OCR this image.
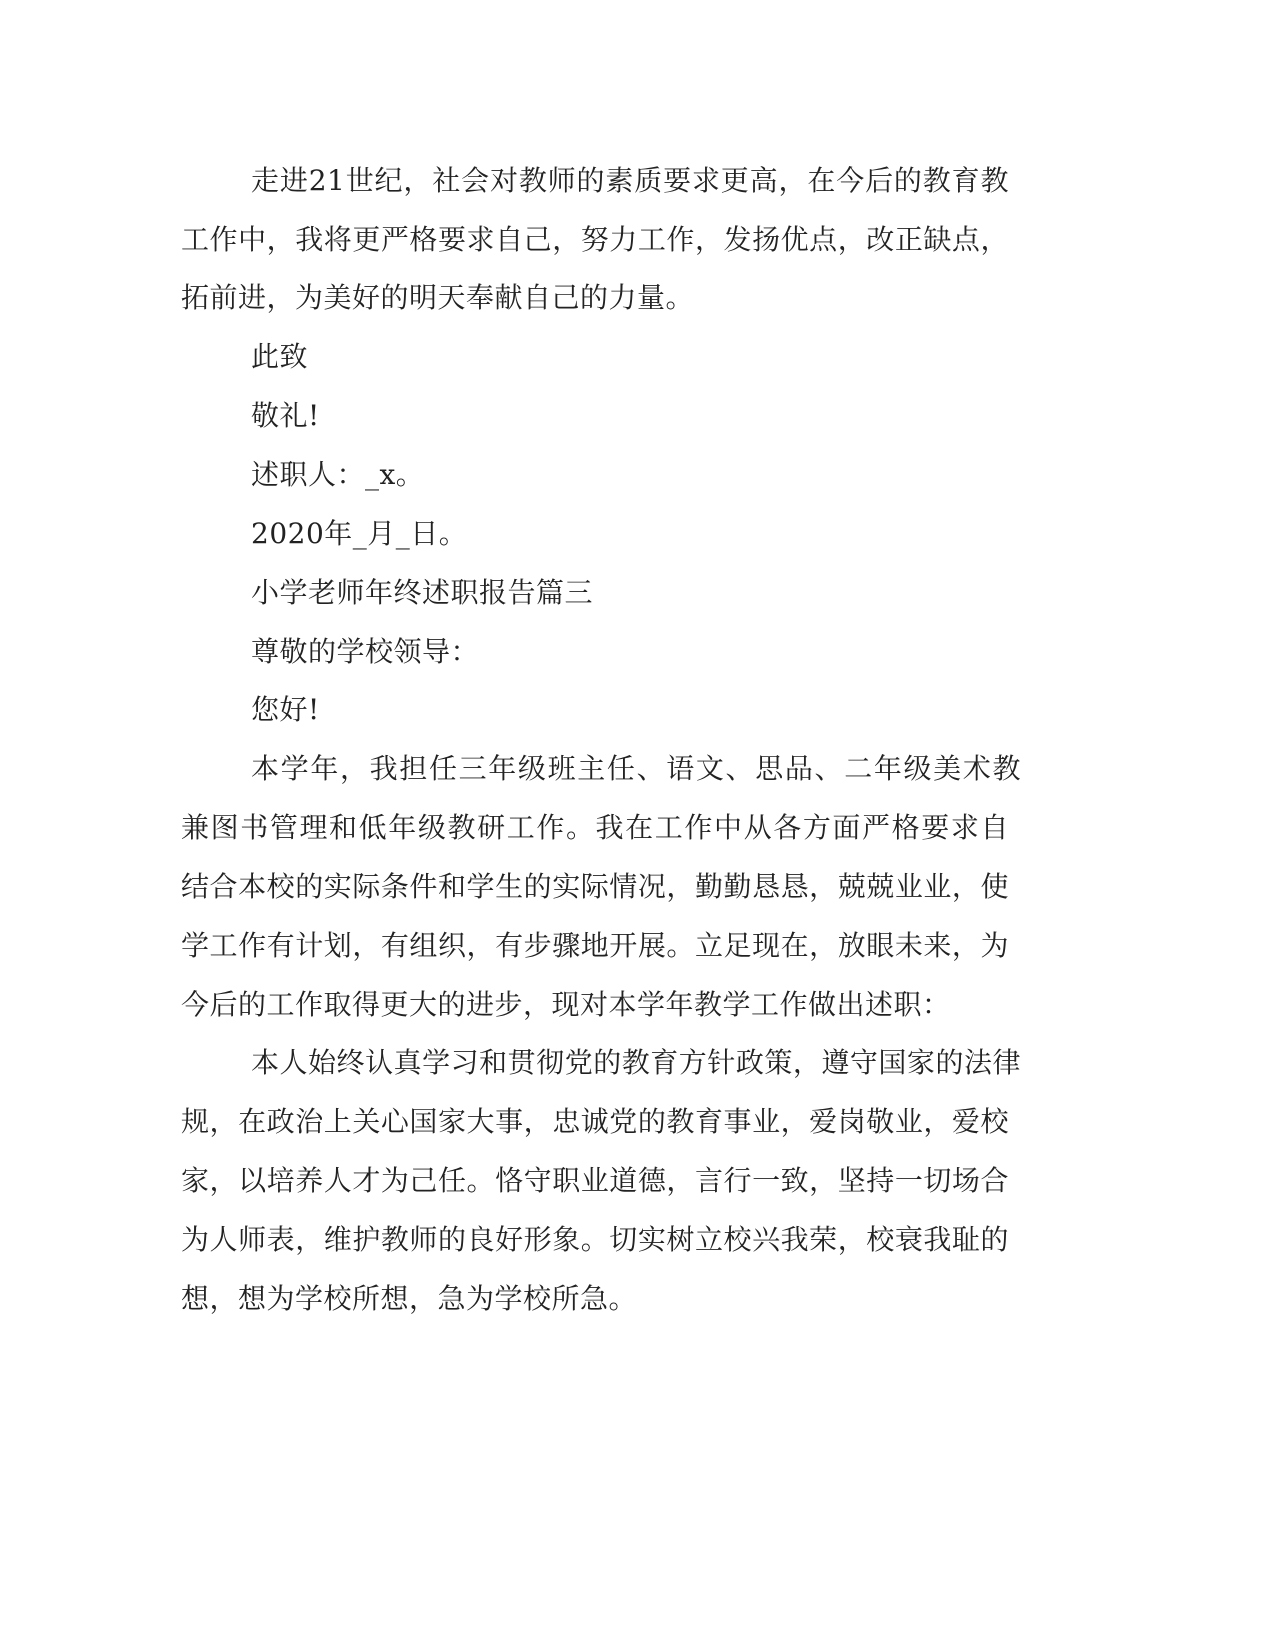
走进21世纪，社会对教师的素质要求更高，在今后的教育教
工作中，我将更严格要求自己，努力工作，发扬优点，改正缺点，
拓前进，为美好的明天奉献自己的力量。
此致
敬礼!
述职人：_x。
2020年_月_日。
小学老师年终述职报告篇三
尊敬的学校领导：
您好!
本学年，我担任三年级班主任、语文、思品、二年级美术教
兼图书管理和低年级教研工作。我在工作中从各方面严格要求自
结合本校的实际条件和学生的实际情况，勤勤恳恳，兢兢业业，使
学工作有计划，有组织，有步骤地开展。立足现在，放眼未来，为
今后的工作取得更大的进步，现对本学年教学工作做出述职：
本人始终认真学习和贯彻党的教育方针政策，遵守国家的法律
规，在政治上关心国家大事，忠诚党的教育事业，爱岗敬业，爱校
家，以培养人才为己任。恪守职业道德，言行一致，坚持一切场合
为人师表，维护教师的良好形象。切实树立校兴我荣，校衰我耻的
想，想为学校所想，急为学校所急。
